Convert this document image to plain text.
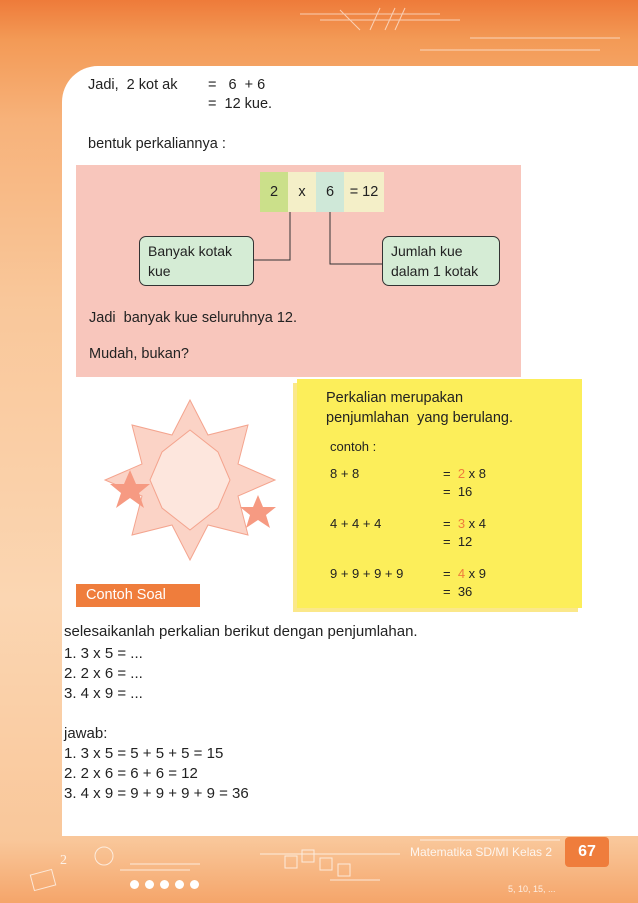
Jadi,  2 kot ak =   6  + 6
=  12 kue.
bentuk perkaliannya :
2	x	6	= 12
Banyak kotak
kue
Jumlah kue
dalam 1 kotak
Jadi  banyak kue seluruhnya 12.
Mudah, bukan?
Perkalian merupakan
penjumlahan  yang berulang.
contoh :
8 + 8	= 2 x 8
= 16
4 + 4 + 4	= 3 x 4
= 12
9 + 9 + 9 + 9	= 4 x 9
= 36
Contoh Soal
selesaikanlah perkalian berikut dengan penjumlahan.
1. 3 x 5 = ...
2. 2 x 6 = ...
3. 4 x 9 = ...
jawab:
1. 3 x 5 = 5 + 5 + 5 = 15
2. 2 x 6 = 6 + 6 = 12
3. 4 x 9 = 9 + 9 + 9 + 9 = 36
2
Matematika SD/MI Kelas 2	67
5, 10, 15, ...
